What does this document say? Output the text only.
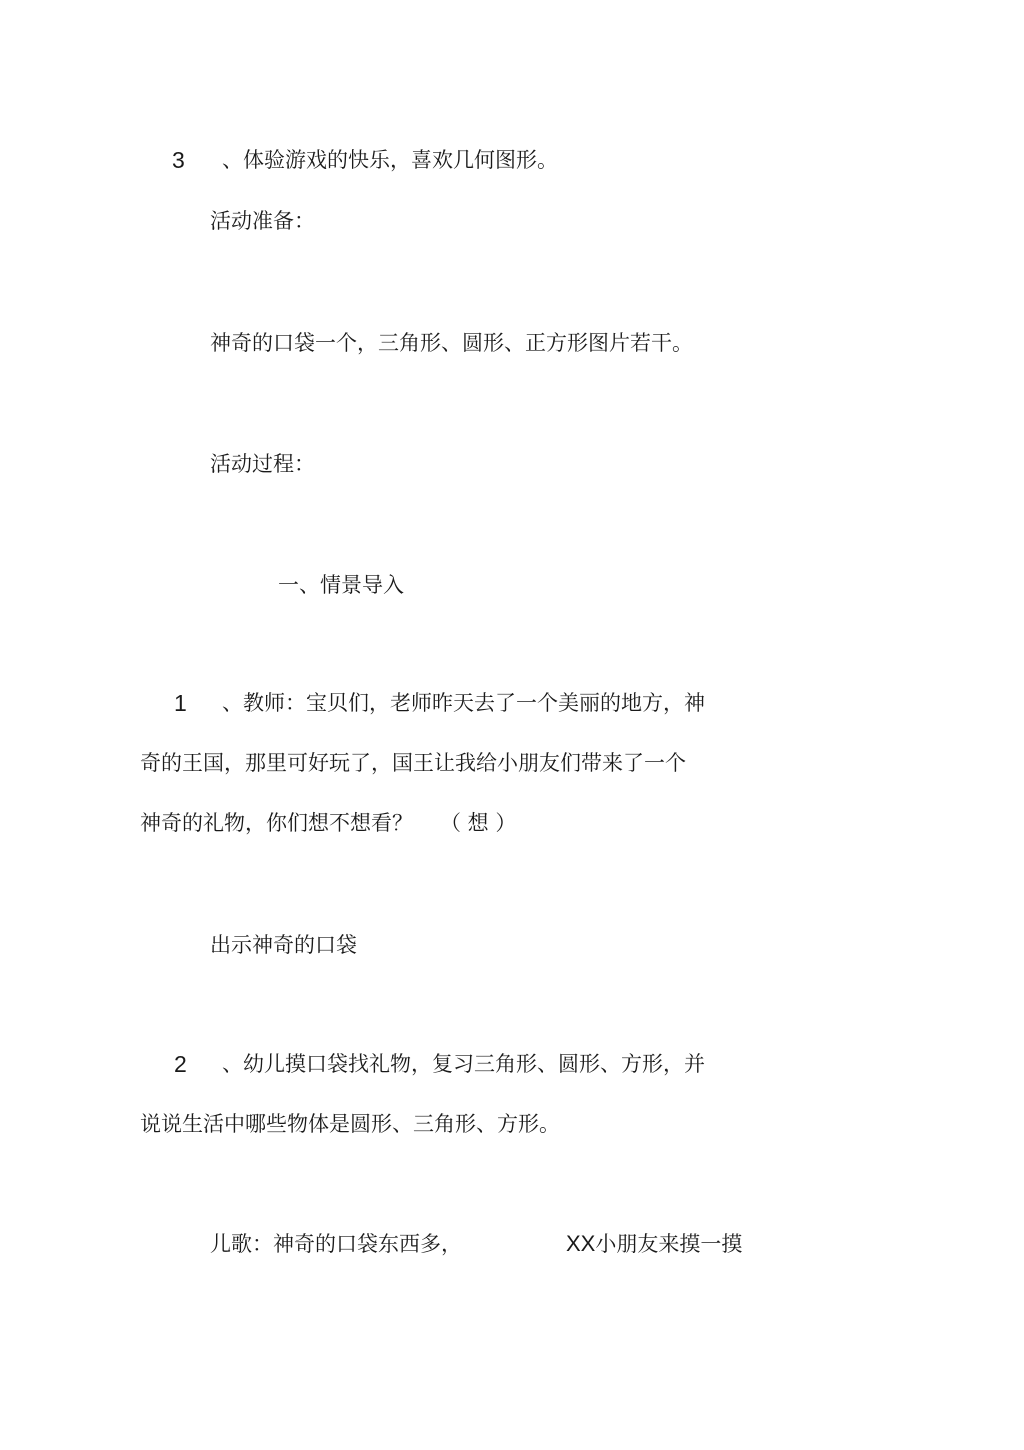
3 、体验游戏的快乐，喜欢几何图形。
活动准备：
神奇的口袋一个，三角形、圆形、正方形图片若干。
活动过程：
一、情景导入
1 、教师：宝贝们，老师昨天去了一个美丽的地方，神
奇的王国，那里可好玩了，国王让我给小朋友们带来了一个
神奇的礼物，你们想不想看？ （ 想 ）
出示神奇的口袋
2 、幼儿摸口袋找礼物，复习三角形、圆形、方形，并
说说生活中哪些物体是圆形、三角形、方形。
儿歌：神奇的口袋东西多，	XX小朋友来摸一摸
